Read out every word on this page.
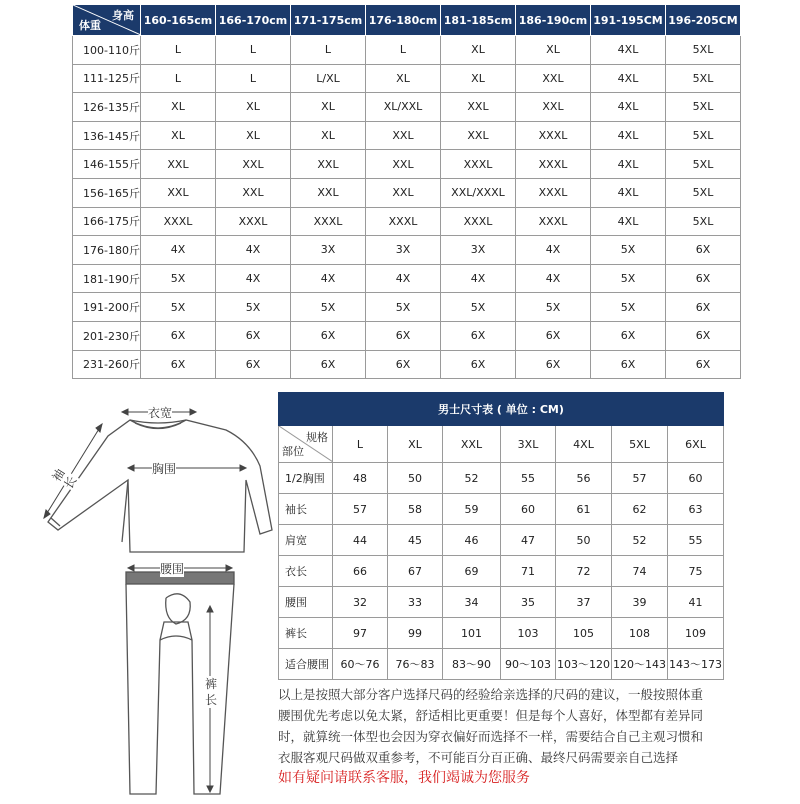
身高
体重	160-165cm	166-170cm	171-175cm	176-180cm	181-185cm	186-190cm	191-195CM	196-205CM
100-110斤	L	L	L	L	XL	XL	4XL	5XL
111-125斤	L	L	L/XL	XL	XL	XXL	4XL	5XL
126-135斤	XL	XL	XL	XL/XXL	XXL	XXL	4XL	5XL
136-145斤	XL	XL	XL	XXL	XXL	XXXL	4XL	5XL
146-155斤	XXL	XXL	XXL	XXL	XXXL	XXXL	4XL	5XL
156-165斤	XXL	XXL	XXL	XXL	XXL/XXXL	XXXL	4XL	5XL
166-175斤	XXXL	XXXL	XXXL	XXXL	XXXL	XXXL	4XL	5XL
176-180斤	4X	4X	3X	3X	3X	4X	5X	6X
181-190斤	5X	4X	4X	4X	4X	4X	5X	6X
191-200斤	5X	5X	5X	5X	5X	5X	5X	6X
201-230斤	6X	6X	6X	6X	6X	6X	6X	6X
231-260斤	6X	6X	6X	6X	6X	6X	6X	6X
衣宽
袖长
胸围
腰围
裤长
男士尺寸表 ( 单位 : CM)							

规格
部位	L	XL	XXL	3XL	4XL	5XL	6XL
1/2胸围	48	50	52	55	56	57	60
袖长	57	58	59	60	61	62	63
肩宽	44	45	46	47	50	52	55
衣长	66	67	69	71	72	74	75
腰围	32	33	34	35	37	39	41
裤长	97	99	101	103	105	108	109
适合腰围	60～76	76～83	83～90	90～103	103～120	120～143	143～173

以上是按照大部分客户选择尺码的经验给亲选择的尺码的建议，一般按照体重

腰围优先考虑以免太紧，舒适相比更重要！但是每个人喜好，体型都有差异同

时，就算统一体型也会因为穿衣偏好而选择不一样，需要结合自己主观习惯和

衣服客观尺码做双重参考，不可能百分百正确、最终尺码需要亲自己选择

如有疑问请联系客服，我们竭诚为您服务
